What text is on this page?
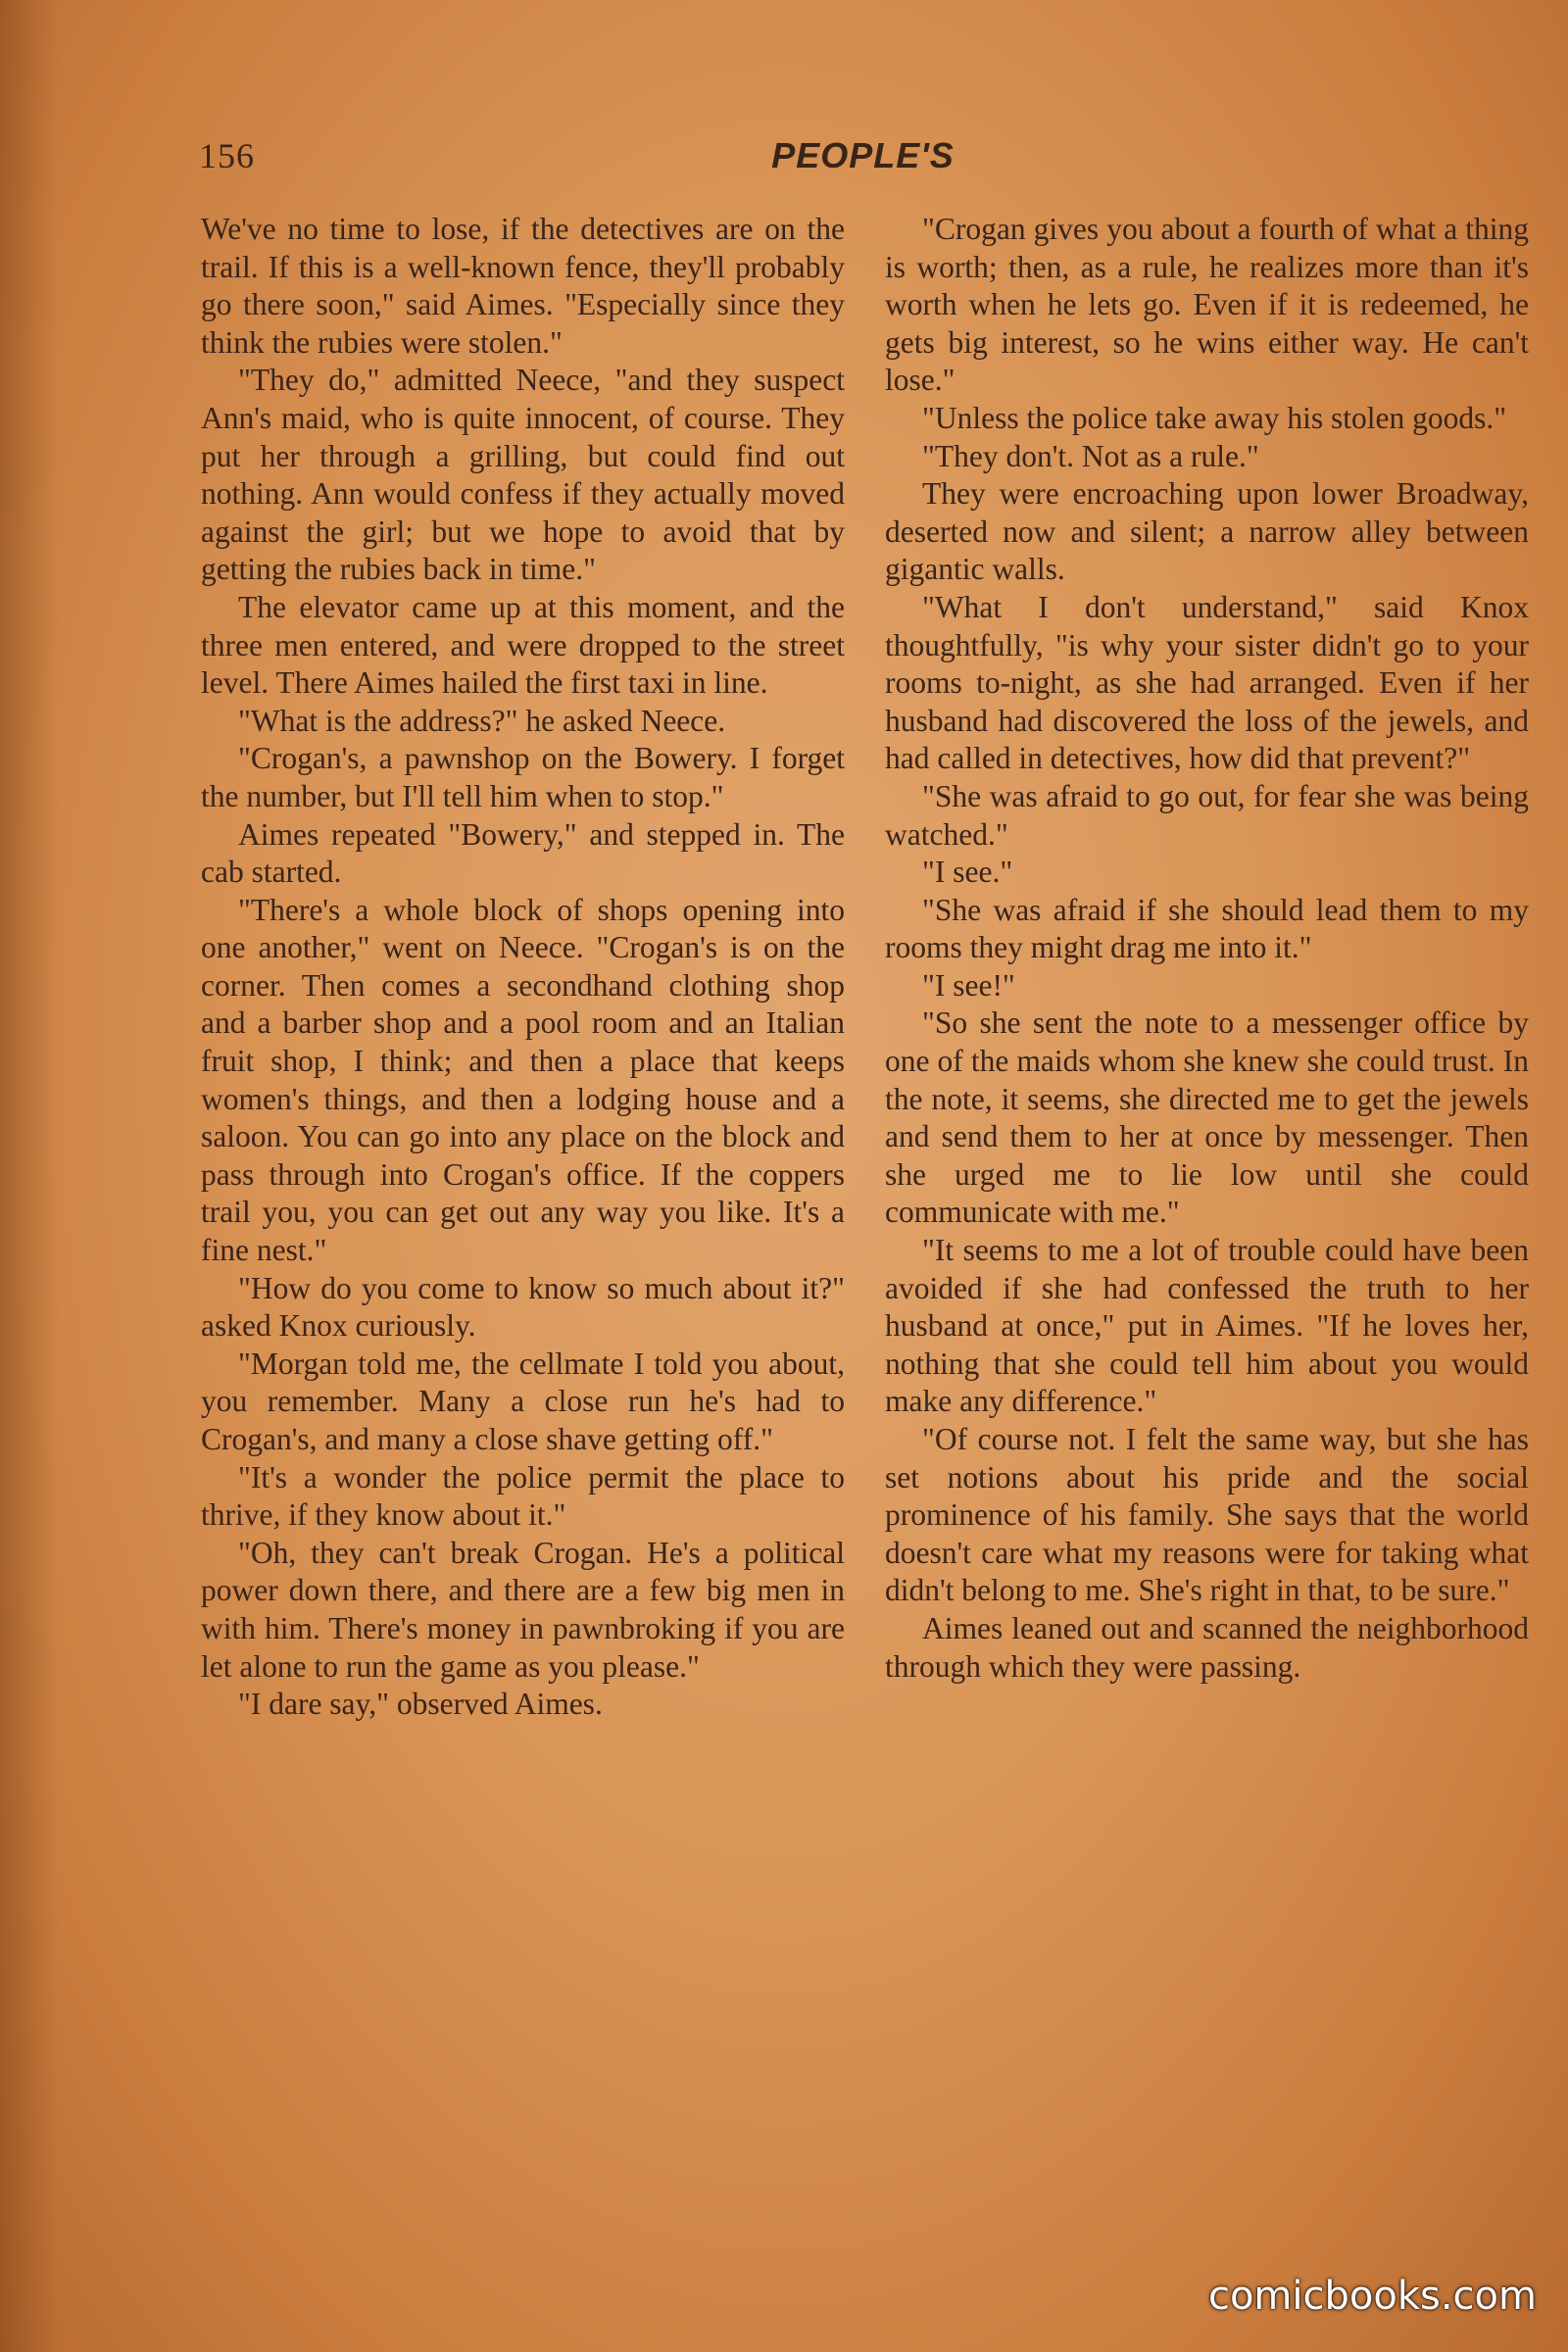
156	PEOPLE'S

We've no time to lose, if the detectives are on the trail. If this is a well-known fence, they'll probably go there soon," said Aimes. "Especially since they think the rubies were stolen."

"They do," admitted Neece, "and they suspect Ann's maid, who is quite innocent, of course. They put her through a grilling, but could find out nothing. Ann would confess if they actually moved against the girl; but we hope to avoid that by getting the rubies back in time."

The elevator came up at this moment, and the three men entered, and were dropped to the street level. There Aimes hailed the first taxi in line.

"What is the address?" he asked Neece.

"Crogan's, a pawnshop on the Bowery. I forget the number, but I'll tell him when to stop."

Aimes repeated "Bowery," and stepped in. The cab started.

"There's a whole block of shops opening into one another," went on Neece. "Crogan's is on the corner. Then comes a secondhand clothing shop and a barber shop and a pool room and an Italian fruit shop, I think; and then a place that keeps women's things, and then a lodging house and a saloon. You can go into any place on the block and pass through into Crogan's office. If the coppers trail you, you can get out any way you like. It's a fine nest."

"How do you come to know so much about it?" asked Knox curiously.

"Morgan told me, the cellmate I told you about, you remember. Many a close run he's had to Crogan's, and many a close shave getting off."

"It's a wonder the police permit the place to thrive, if they know about it."

"Oh, they can't break Crogan. He's a political power down there, and there are a few big men in with him. There's money in pawnbroking if you are let alone to run the game as you please."

"I dare say," observed Aimes.

"Crogan gives you about a fourth of what a thing is worth; then, as a rule, he realizes more than it's worth when he lets go. Even if it is redeemed, he gets big interest, so he wins either way. He can't lose."

"Unless the police take away his stolen goods."

"They don't. Not as a rule."

They were encroaching upon lower Broadway, deserted now and silent; a narrow alley between gigantic walls.

"What I don't understand," said Knox thoughtfully, "is why your sister didn't go to your rooms to-night, as she had arranged. Even if her husband had discovered the loss of the jewels, and had called in detectives, how did that prevent?"

"She was afraid to go out, for fear she was being watched."

"I see."

"She was afraid if she should lead them to my rooms they might drag me into it."

"I see!"

"So she sent the note to a messenger office by one of the maids whom she knew she could trust. In the note, it seems, she directed me to get the jewels and send them to her at once by messenger. Then she urged me to lie low until she could communicate with me."

"It seems to me a lot of trouble could have been avoided if she had confessed the truth to her husband at once," put in Aimes. "If he loves her, nothing that she could tell him about you would make any difference."

"Of course not. I felt the same way, but she has set notions about his pride and the social prominence of his family. She says that the world doesn't care what my reasons were for taking what didn't belong to me. She's right in that, to be sure."

Aimes leaned out and scanned the neighborhood through which they were passing.

comicbooks.com
